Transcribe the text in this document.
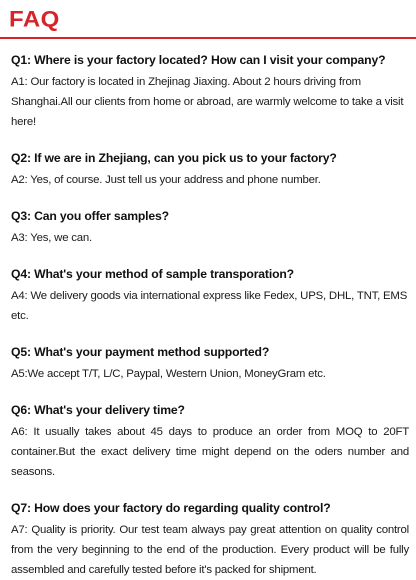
FAQ

Q1: Where is your factory located? How can I visit your company?

A1: Our factory is located in Zhejinag Jiaxing. About 2 hours driving from Shanghai.All our clients from home or abroad, are warmly welcome to take a visit here!

Q2: If we are in Zhejiang, can you pick us to your factory?

A2: Yes, of course. Just tell us your address and phone number.

Q3: Can you offer samples?

A3: Yes, we can.

Q4: What's your method of sample transporation?

A4: We delivery goods via international express like Fedex, UPS, DHL, TNT, EMS etc.

Q5: What's your payment method supported?

A5:We accept T/T, L/C, Paypal, Western Union, MoneyGram etc.

Q6: What's your delivery time?

A6: It usually takes about 45 days to produce an order from MOQ to 20FT container.But the exact delivery time might depend on the oders number and seasons.

Q7: How does your factory do regarding quality control?

A7: Quality is priority. Our test team always pay great attention on quality control from the very beginning to the end of the production. Every product will be fully assembled and carefully tested before it's packed for shipment.
